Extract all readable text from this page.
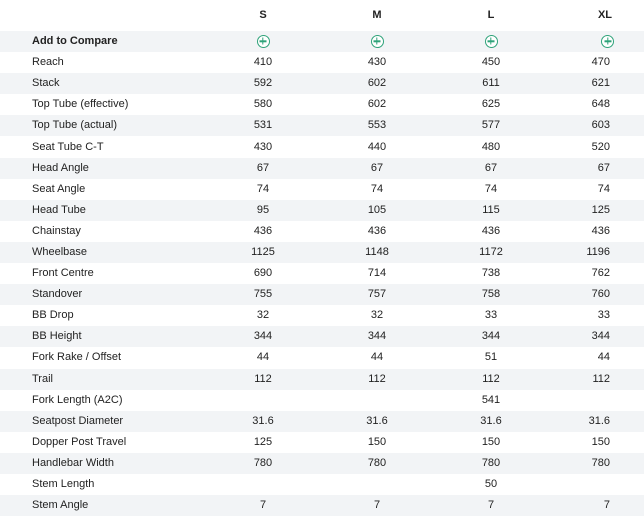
	S	M	L	XL
Add to Compare				
Reach	410	430	450	470
Stack	592	602	611	621
Top Tube (effective)	580	602	625	648
Top Tube (actual)	531	553	577	603
Seat Tube C-T	430	440	480	520
Head Angle	67	67	67	67
Seat Angle	74	74	74	74
Head Tube	95	105	115	125
Chainstay	436	436	436	436
Wheelbase	1125	1148	1172	1196
Front Centre	690	714	738	762
Standover	755	757	758	760
BB Drop	32	32	33	33
BB Height	344	344	344	344
Fork Rake / Offset	44	44	51	44
Trail	112	112	112	112
Fork Length (A2C)			541	
Seatpost Diameter	31.6	31.6	31.6	31.6
Dopper Post Travel	125	150	150	150
Handlebar Width	780	780	780	780
Stem Length			50	
Stem Angle	7	7	7	7
